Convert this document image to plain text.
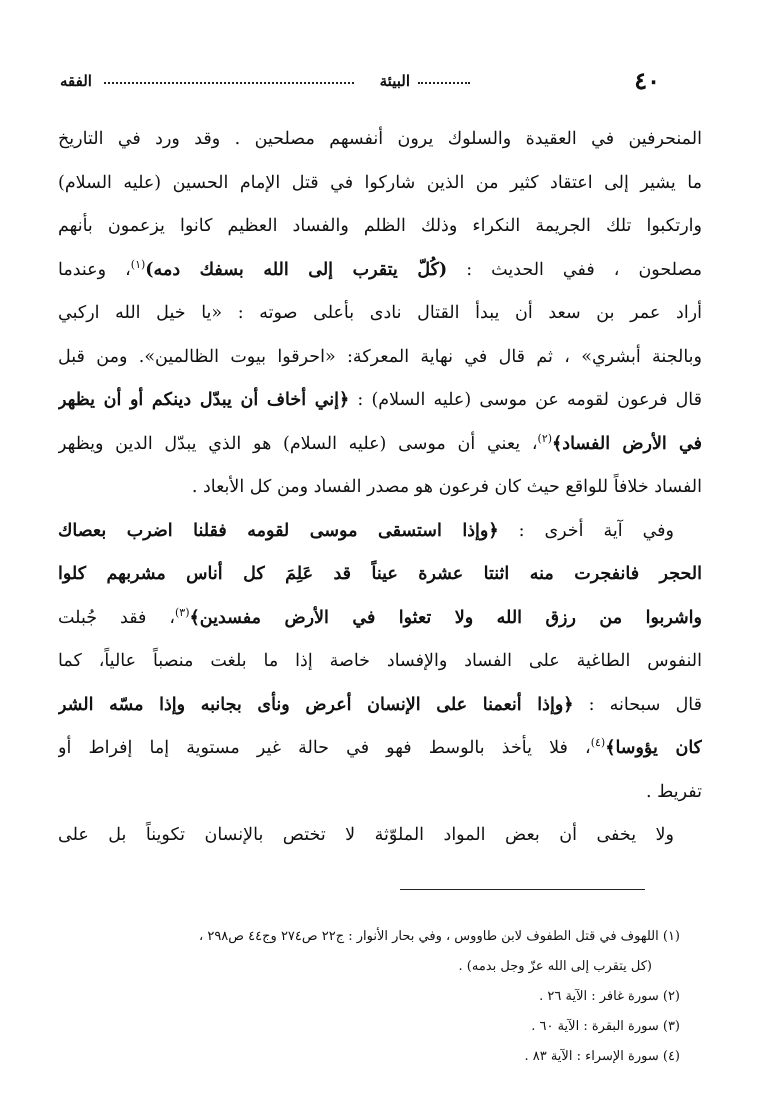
٤٠
البيئة
الفقه
المنحرفين في العقيدة والسلوك يرون أنفسهم مصلحين . وقد ورد في التاريخ
ما يشير إلى اعتقاد كثير من الذين شاركوا في قتل الإمام الحسين (عليه السلام)
وارتكبوا تلك الجريمة النكراء وذلك الظلم والفساد العظيم كانوا يزعمون بأنهم
مصلحون ، ففي الحديث : (كُلّ يتقرب إلى الله بسفك دمه)$^{(١)}$، وعندما
أراد عمر بن سعد أن يبدأ القتال نادى بأعلى صوته : «يا خيل الله اركبي
وبالجنة أبشري» ، ثم قال في نهاية المعركة: «احرقوا بيوت الظالمين». ومن قبل
قال فرعون لقومه عن موسى (عليه السلام) : ﴿إني أخاف أن يبدّل دينكم أو أن يظهر
في الأرض الفساد﴾$^{(٢)}$، يعني أن موسى (عليه السلام) هو الذي يبدّل الدين ويظهر
الفساد خلافاً للواقع حيث كان فرعون هو مصدر الفساد ومن كل الأبعاد .
وفي آية أخرى : ﴿وإذا استسقى موسى لقومه فقلنا اضرب بعصاك
الحجر فانفجرت منه اثنتا عشرة عيناً قد عَلِمَ كل أناس مشربهم كلوا
واشربوا من رزق الله ولا تعثوا في الأرض مفسدين﴾$^{(٣)}$، فقد جُبلت
النفوس الطاغية على الفساد والإفساد خاصة إذا ما بلغت منصباً عالياً، كما
قال سبحانه : ﴿وإذا أنعمنا على الإنسان أعرض ونأى بجانبه وإذا مسّه الشر
كان يؤوسا﴾$^{(٤)}$، فلا يأخذ بالوسط فهو في حالة غير مستوية إما إفراط أو
تفريط .
ولا يخفى أن بعض المواد الملوّثة لا تختص بالإنسان تكويناً بل على
(١) اللهوف في قتل الطفوف لابن طاووس ، وفي بحار الأنوار : ج٢٢ ص٢٧٤ وج٤٤ ص٢٩٨ ،
(كل يتقرب إلى الله عزّ وجل بدمه) .
(٢) سورة غافر : الآية ٢٦ .
(٣) سورة البقرة : الآية ٦٠ .
(٤) سورة الإسراء : الآية ٨٣ .
